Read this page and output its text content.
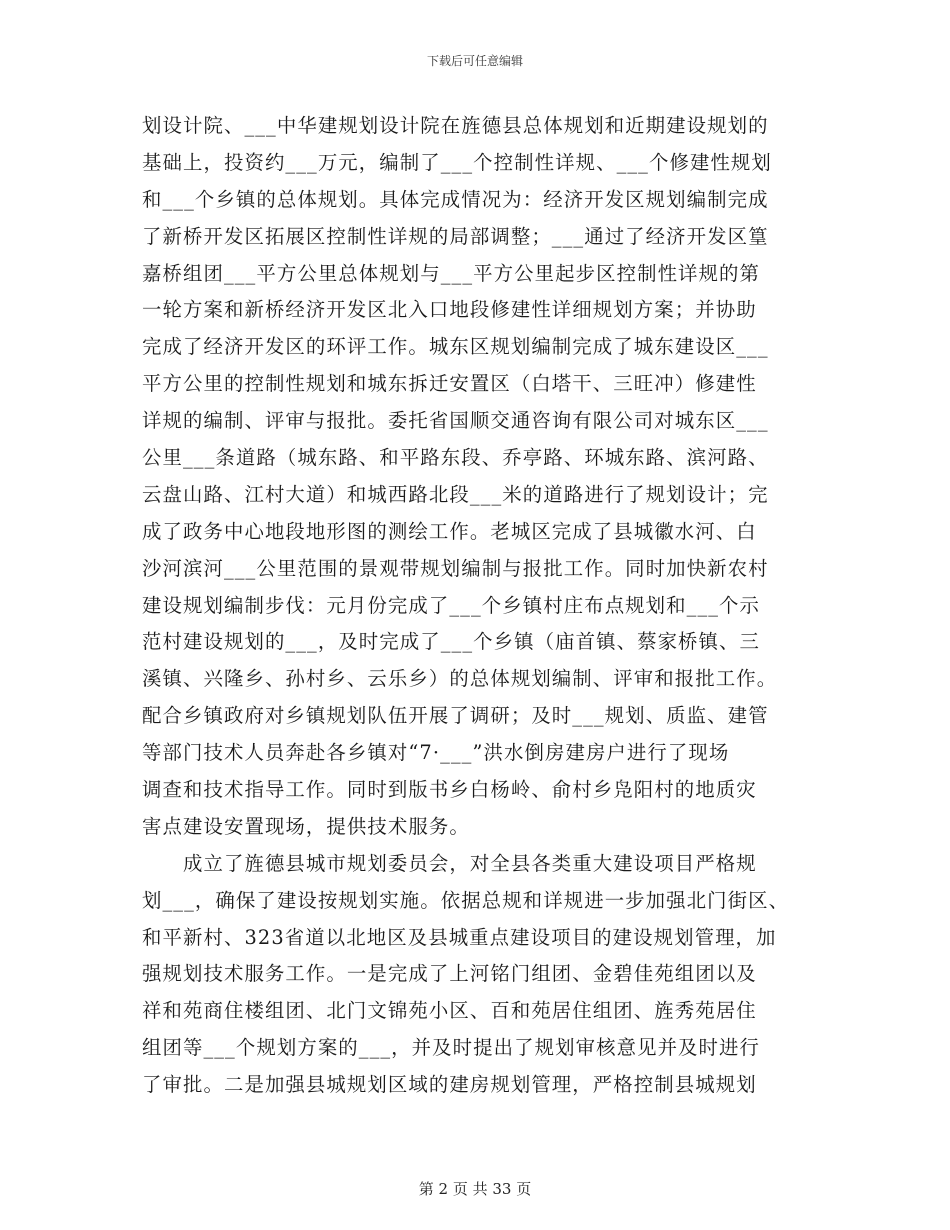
下载后可任意编辑
划设计院、___中华建规划设计院在旌德县总体规划和近期建设规划的
基础上，投资约___万元，编制了___个控制性详规、___个修建性规划
和___个乡镇的总体规划。具体完成情况为：经济开发区规划编制完成
了新桥开发区拓展区控制性详规的局部调整；___通过了经济开发区篁
嘉桥组团___平方公里总体规划与___平方公里起步区控制性详规的第
一轮方案和新桥经济开发区北入口地段修建性详细规划方案；并协助
完成了经济开发区的环评工作。城东区规划编制完成了城东建设区___
平方公里的控制性规划和城东拆迁安置区（白塔干、三旺冲）修建性
详规的编制、评审与报批。委托省国顺交通咨询有限公司对城东区___
公里___条道路（城东路、和平路东段、乔亭路、环城东路、滨河路、
云盘山路、江村大道）和城西路北段___米的道路进行了规划设计；完
成了政务中心地段地形图的测绘工作。老城区完成了县城徽水河、白
沙河滨河___公里范围的景观带规划编制与报批工作。同时加快新农村
建设规划编制步伐：元月份完成了___个乡镇村庄布点规划和___个示
范村建设规划的___，及时完成了___个乡镇（庙首镇、蔡家桥镇、三
溪镇、兴隆乡、孙村乡、云乐乡）的总体规划编制、评审和报批工作。
配合乡镇政府对乡镇规划队伍开展了调研；及时___规划、质监、建管
等部门技术人员奔赴各乡镇对“7·___”洪水倒房建房户进行了现场
调查和技术指导工作。同时到版书乡白杨岭、俞村乡凫阳村的地质灾
害点建设安置现场，提供技术服务。
　　成立了旌德县城市规划委员会，对全县各类重大建设项目严格规
划___，确保了建设按规划实施。依据总规和详规进一步加强北门街区、
和平新村、323省道以北地区及县城重点建设项目的建设规划管理，加
强规划技术服务工作。一是完成了上河铭门组团、金碧佳苑组团以及
祥和苑商住楼组团、北门文锦苑小区、百和苑居住组团、旌秀苑居住
组团等___个规划方案的___，并及时提出了规划审核意见并及时进行
了审批。二是加强县城规划区域的建房规划管理，严格控制县城规划
第 2 页 共 33 页
